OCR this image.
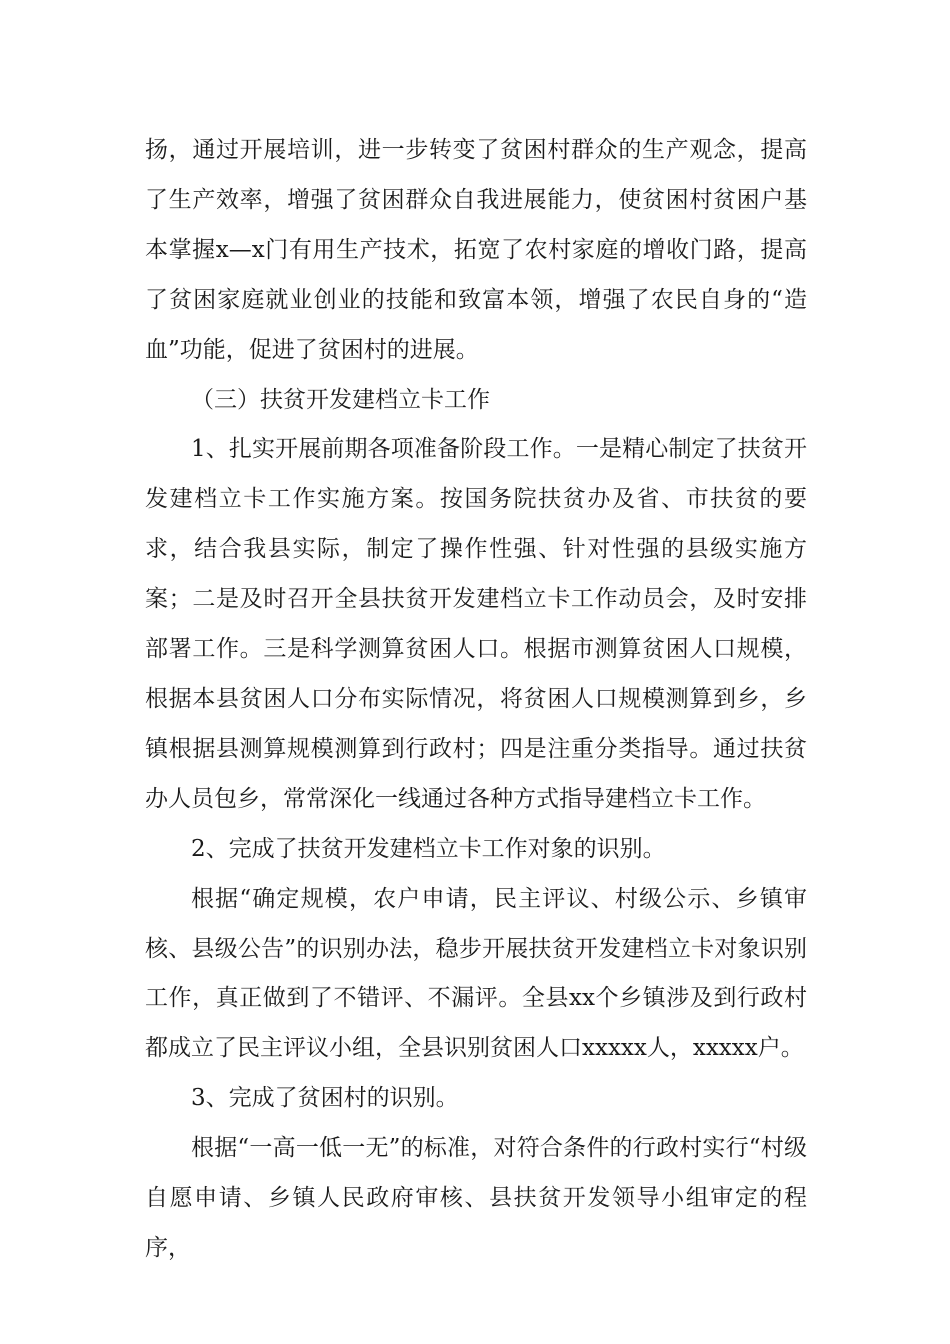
扬，通过开展培训，进一步转变了贫困村群众的生产观念，提高了生产效率，增强了贫困群众自我进展能力，使贫困村贫困户基本掌握x—x门有用生产技术，拓宽了农村家庭的增收门路，提高了贫困家庭就业创业的技能和致富本领，增强了农民自身的“造血”功能，促进了贫困村的进展。

（三）扶贫开发建档立卡工作

1、扎实开展前期各项准备阶段工作。一是精心制定了扶贫开发建档立卡工作实施方案。按国务院扶贫办及省、市扶贫的要求，结合我县实际，制定了操作性强、针对性强的县级实施方案；二是及时召开全县扶贫开发建档立卡工作动员会，及时安排部署工作。三是科学测算贫困人口。根据市测算贫困人口规模，根据本县贫困人口分布实际情况，将贫困人口规模测算到乡，乡镇根据县测算规模测算到行政村；四是注重分类指导。通过扶贫办人员包乡，常常深化一线通过各种方式指导建档立卡工作。

2、完成了扶贫开发建档立卡工作对象的识别。

根据“确定规模，农户申请，民主评议、村级公示、乡镇审核、县级公告”的识别办法，稳步开展扶贫开发建档立卡对象识别工作，真正做到了不错评、不漏评。全县xx个乡镇涉及到行政村都成立了民主评议小组，全县识别贫困人口xxxxx人，xxxxx户。

3、完成了贫困村的识别。

根据“一高一低一无”的标准，对符合条件的行政村实行“村级自愿申请、乡镇人民政府审核、县扶贫开发领导小组审定的程序，
